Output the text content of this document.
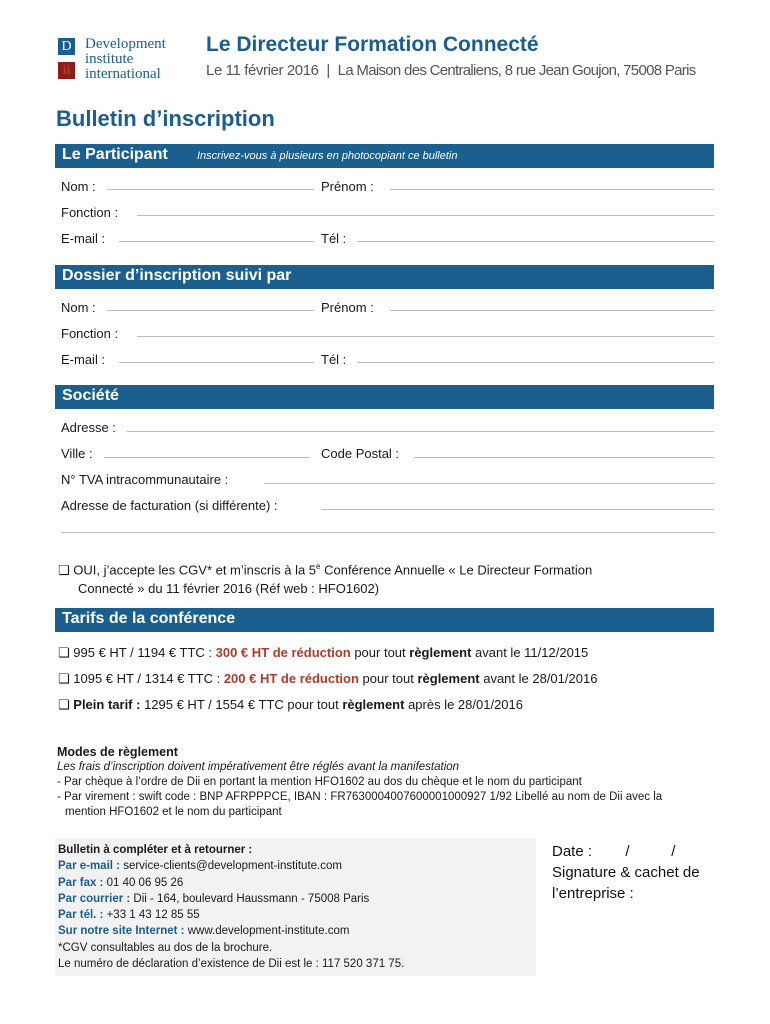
D
ii
Development
institute
international
Le Directeur Formation Connecté
Le 11 février 2016 | La Maison des Centraliens, 8 rue Jean Goujon, 75008 Paris
Bulletin d’inscription
Le Participant	Inscrivez-vous à plusieurs en photocopiant ce bulletin
Nom :	Prénom :
Fonction :
E-mail :	Tél :
Dossier d’inscription suivi par
Nom :	Prénom :
Fonction :
E-mail :	Tél :
Société
Adresse :
Ville :	Code Postal :
N° TVA intracommunautaire :
Adresse de facturation (si différente) :
❏ OUI, j’accepte les CGV* et m’inscris à la 5e Conférence Annuelle « Le Directeur Formation
Connecté » du 11 février 2016 (Réf web : HFO1602)
Tarifs de la conférence
❏ 995 € HT / 1194 € TTC : 300 € HT de réduction pour tout règlement avant le 11/12/2015
❏ 1095 € HT / 1314 € TTC : 200 € HT de réduction pour tout règlement avant le 28/01/2016
❏ Plein tarif : 1295 € HT / 1554 € TTC pour tout règlement après le 28/01/2016
Modes de règlement
Les frais d’inscription doivent impérativement être réglés avant la manifestation
- Par chèque à l’ordre de Dii en portant la mention HFO1602 au dos du chèque et le nom du participant
- Par virement : swift code : BNP AFRPPPCE, IBAN : FR7630004007600001000927 1/92 Libellé au nom de Dii avec la
mention HFO1602 et le nom du participant
Bulletin à compléter et à retourner :
Par e-mail : service-clients@development-institute.com
Par fax : 01 40 06 95 26
Par courrier : Dii - 164, boulevard Haussmann - 75008 Paris
Par tél. : +33 1 43 12 85 55
Sur notre site Internet : www.development-institute.com
*CGV consultables au dos de la brochure.
Le numéro de déclaration d’existence de Dii est le : 117 520 371 75.
Date :        /          /
Signature & cachet de
l’entreprise :
